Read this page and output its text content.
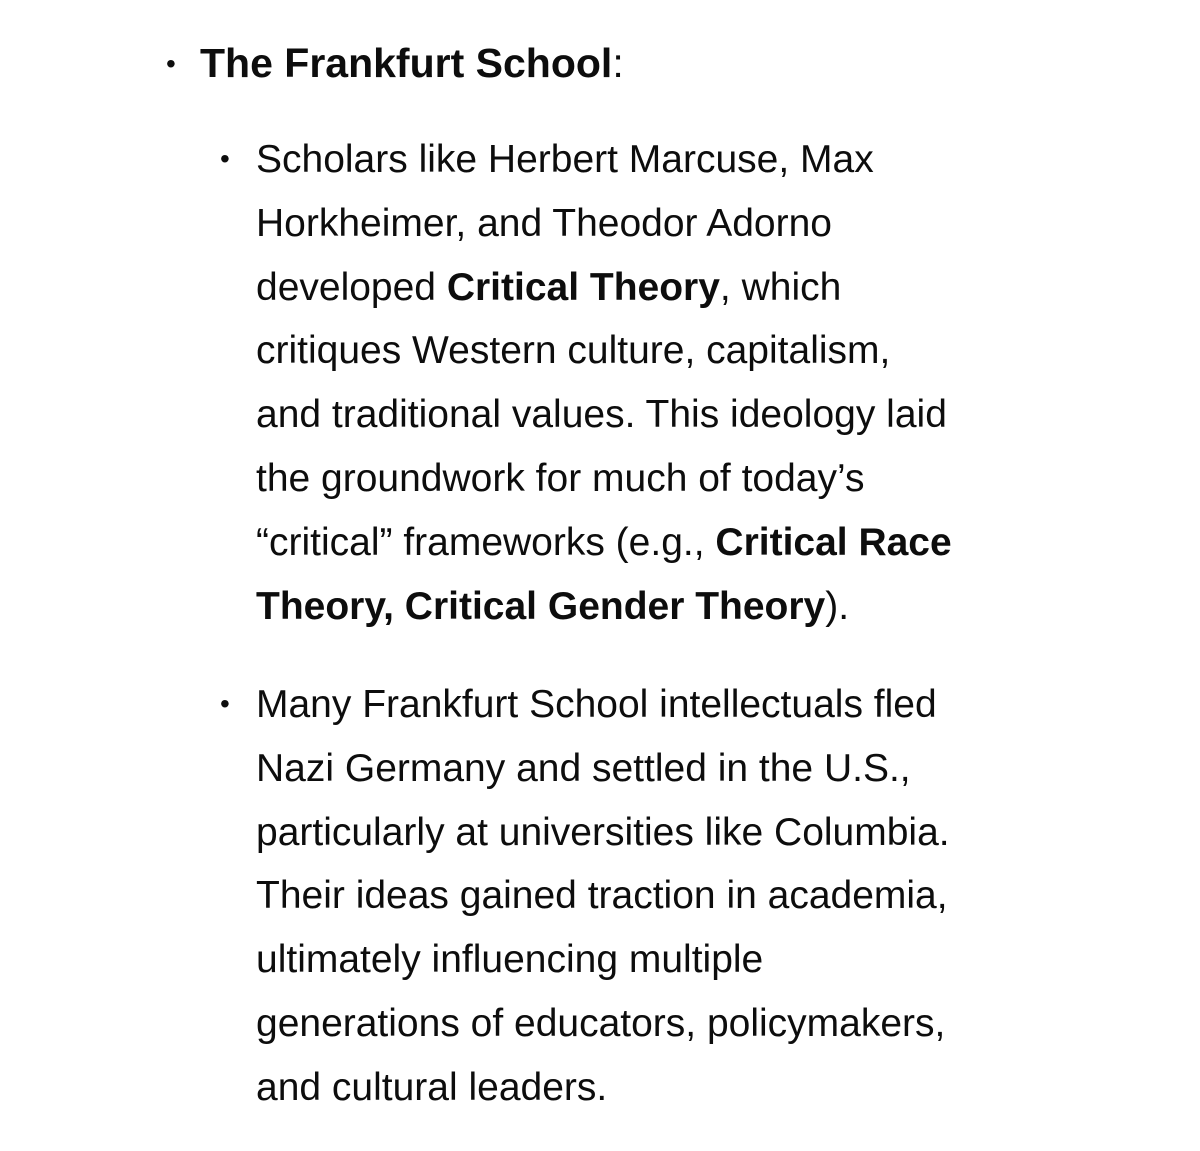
• The Frankfurt School:
• Scholars like Herbert Marcuse, Max
Horkheimer, and Theodor Adorno
developed Critical Theory, which
critiques Western culture, capitalism,
and traditional values. This ideology laid
the groundwork for much of today’s
“critical” frameworks (e.g., Critical Race
Theory, Critical Gender Theory).
• Many Frankfurt School intellectuals fled
Nazi Germany and settled in the U.S.,
particularly at universities like Columbia.
Their ideas gained traction in academia,
ultimately influencing multiple
generations of educators, policymakers,
and cultural leaders.
